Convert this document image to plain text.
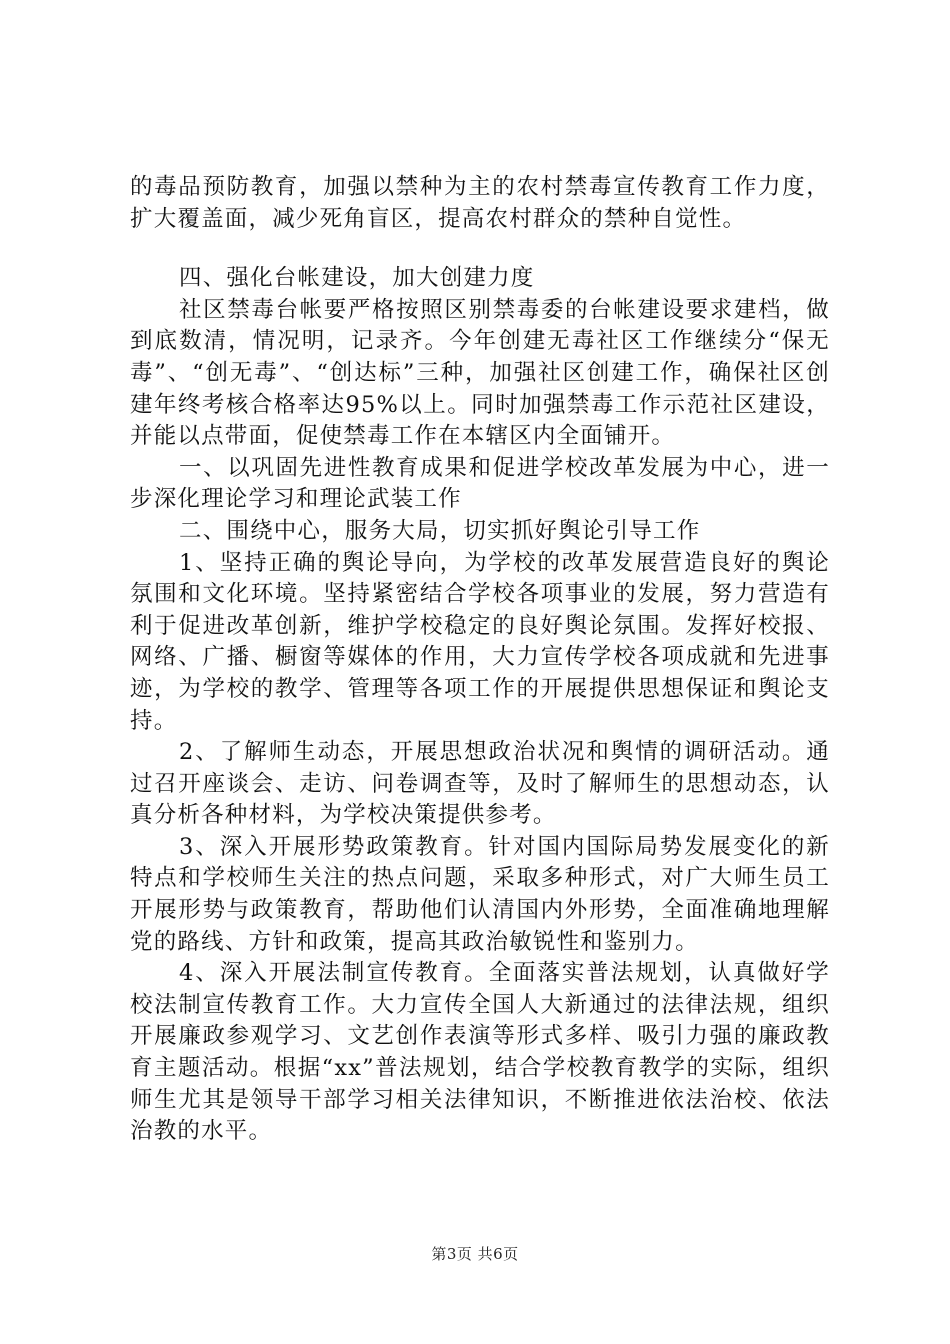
的毒品预防教育，加强以禁种为主的农村禁毒宣传教育工作力度，扩大覆盖面，减少死角盲区，提高农村群众的禁种自觉性。

四、强化台帐建设，加大创建力度

社区禁毒台帐要严格按照区别禁毒委的台帐建设要求建档，做到底数清，情况明，记录齐。今年创建无毒社区工作继续分“保无毒”、“创无毒”、“创达标”三种，加强社区创建工作，确保社区创建年终考核合格率达95%以上。同时加强禁毒工作示范社区建设，并能以点带面，促使禁毒工作在本辖区内全面铺开。

一、以巩固先进性教育成果和促进学校改革发展为中心，进一步深化理论学习和理论武装工作

二、围绕中心，服务大局，切实抓好舆论引导工作

1、坚持正确的舆论导向，为学校的改革发展营造良好的舆论氛围和文化环境。坚持紧密结合学校各项事业的发展，努力营造有利于促进改革创新，维护学校稳定的良好舆论氛围。发挥好校报、网络、广播、橱窗等媒体的作用，大力宣传学校各项成就和先进事迹，为学校的教学、管理等各项工作的开展提供思想保证和舆论支持。

2、了解师生动态，开展思想政治状况和舆情的调研活动。通过召开座谈会、走访、问卷调查等，及时了解师生的思想动态，认真分析各种材料，为学校决策提供参考。

3、深入开展形势政策教育。针对国内国际局势发展变化的新特点和学校师生关注的热点问题，采取多种形式，对广大师生员工开展形势与政策教育，帮助他们认清国内外形势，全面准确地理解党的路线、方针和政策，提高其政治敏锐性和鉴别力。

4、深入开展法制宣传教育。全面落实普法规划，认真做好学校法制宣传教育工作。大力宣传全国人大新通过的法律法规，组织开展廉政参观学习、文艺创作表演等形式多样、吸引力强的廉政教育主题活动。根据“xx”普法规划，结合学校教育教学的实际，组织师生尤其是领导干部学习相关法律知识，不断推进依法治校、依法治教的水平。

第3页 共6页
